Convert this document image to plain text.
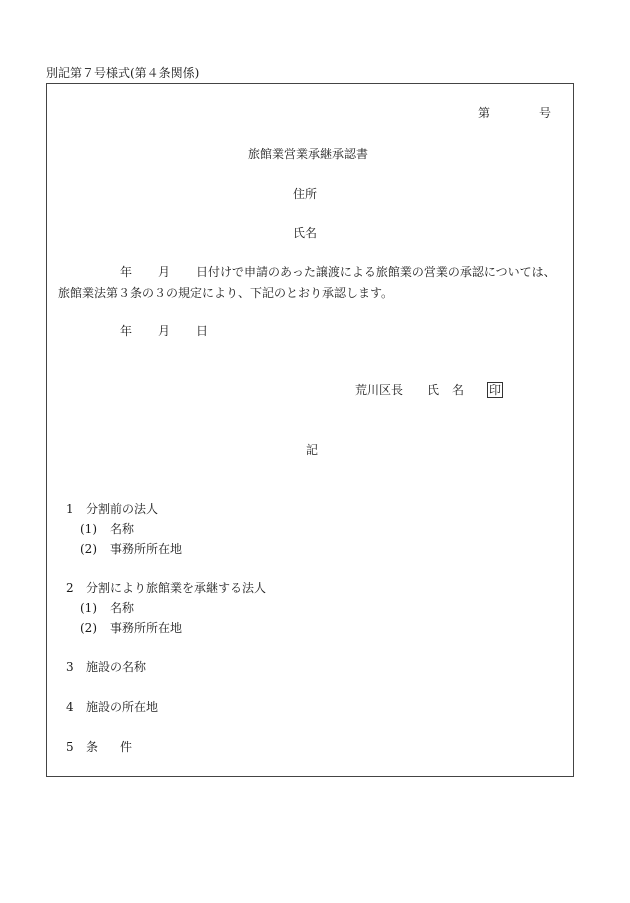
別記第７号様式(第４条関係)
第	号
旅館業営業承継承認書
住所
氏名
年 月 日付けで申請のあった譲渡による旅館業の営業の承認については、
旅館業法第３条の３の規定により、下記のとおり承認します。
年 月 日
荒川区長 氏 名 印
記
1 分割前の法人
(1) 名称
(2) 事務所所在地
2 分割により旅館業を承継する法人
(1) 名称
(2) 事務所所在地
3 施設の名称
4 施設の所在地
5 条 件
